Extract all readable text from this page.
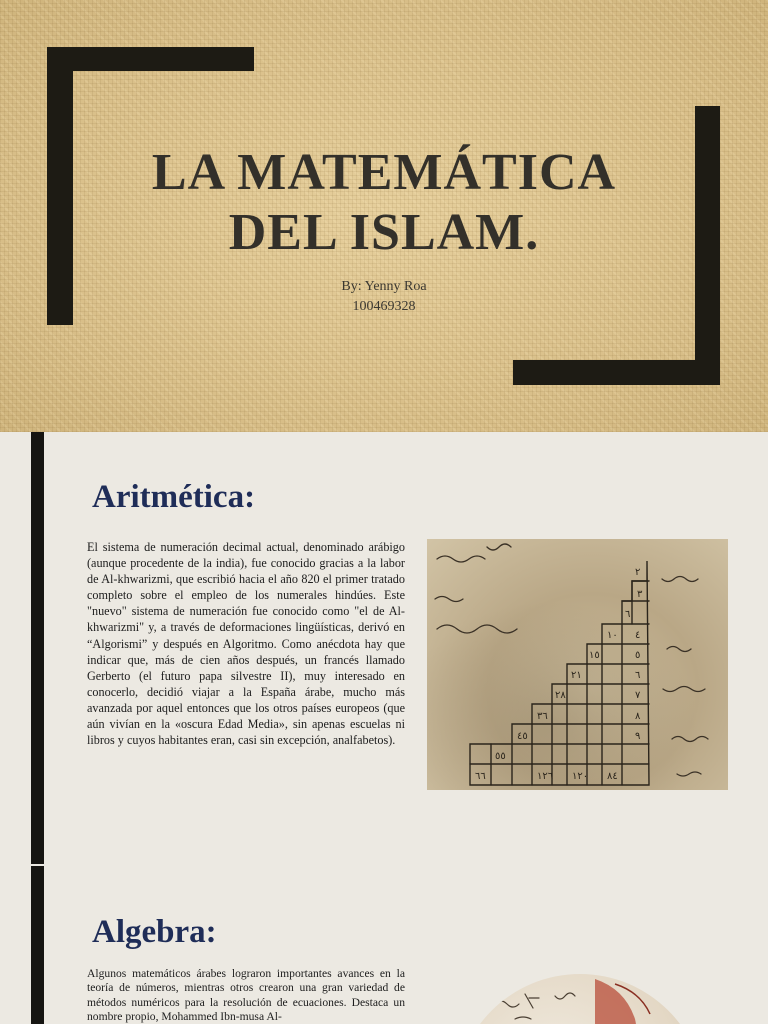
LA MATEMÁTICA
DEL ISLAM.
By: Yenny Roa
100469328
Aritmética:
El sistema de numeración decimal actual, denominado arábigo (aunque procedente de la india), fue conocido gracias a la labor de Al-khwarizmi, que escribió hacia el año 820 el primer tratado completo sobre el empleo de los numerales hindúes. Este "nuevo" sistema de numeración fue conocido como "el de Al-khwarizmi" y, a través de deformaciones lingüísticas, derivó en “Algorismi” y después en Algoritmo. Como anécdota hay que indicar que, más de cien años después, un francés llamado Gerberto (el futuro papa silvestre II), muy interesado en conocerlo, decidió viajar a la España árabe, mucho más avanzada por aquel entonces que los otros países europeos (que aún vivían en la «oscura Edad Media», sin apenas escuelas ni libros y cuyos habitantes eran, casi sin excepción, analfabetos).
٢
٣
٦
١٠
١٥
٢١
٢٨
٣٦
٤٥
٥٥
٦٦
٤
٥
٦
٧
٨
٩
٨٤
١٢٠
١٢٦
Algebra:
Algunos matemáticos árabes lograron importantes avances en la teoría de números, mientras otros crearon una gran variedad de métodos numéricos para la resolución de ecuaciones. Destaca un nombre propio, Mohammed Ibn-musa Al-
